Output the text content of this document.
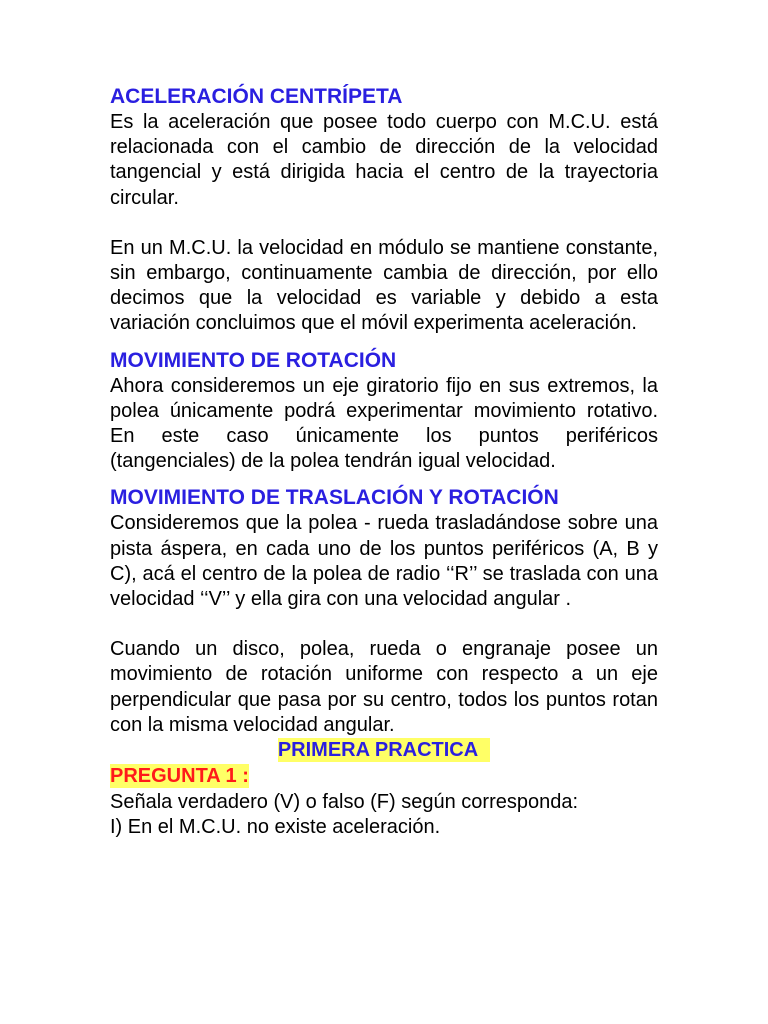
ACELERACIÓN CENTRÍPETA

Es la aceleración que posee todo cuerpo con M.C.U. está relacionada con el cambio de dirección de la velocidad tangencial y está dirigida hacia el centro de la trayectoria circular.

En un M.C.U. la velocidad en módulo se mantiene constante, sin embargo, continuamente cambia de dirección, por ello decimos que la velocidad es variable y debido a esta variación concluimos que el móvil experimenta aceleración.

MOVIMIENTO DE ROTACIÓN

Ahora consideremos un eje giratorio fijo en sus extremos, la polea únicamente podrá experimentar movimiento rotativo. En este caso únicamente los puntos periféricos (tangenciales) de la polea tendrán igual velocidad.

MOVIMIENTO DE TRASLACIÓN Y ROTACIÓN

Consideremos que la polea - rueda trasladándose sobre una pista áspera, en cada uno de los puntos periféricos (A, B y C), acá el centro de la polea de radio ‘‘R’’ se traslada con una velocidad ‘‘V’’ y ella gira con una velocidad angular .

Cuando un disco, polea, rueda o engranaje posee un movimiento de rotación uniforme con respecto a un eje perpendicular que pasa por su centro, todos los puntos rotan con la misma velocidad angular.

PRIMERA PRACTICA

PREGUNTA 1 :

Señala verdadero (V) o falso (F) según corresponda:

I) En el M.C.U. no existe aceleración.
